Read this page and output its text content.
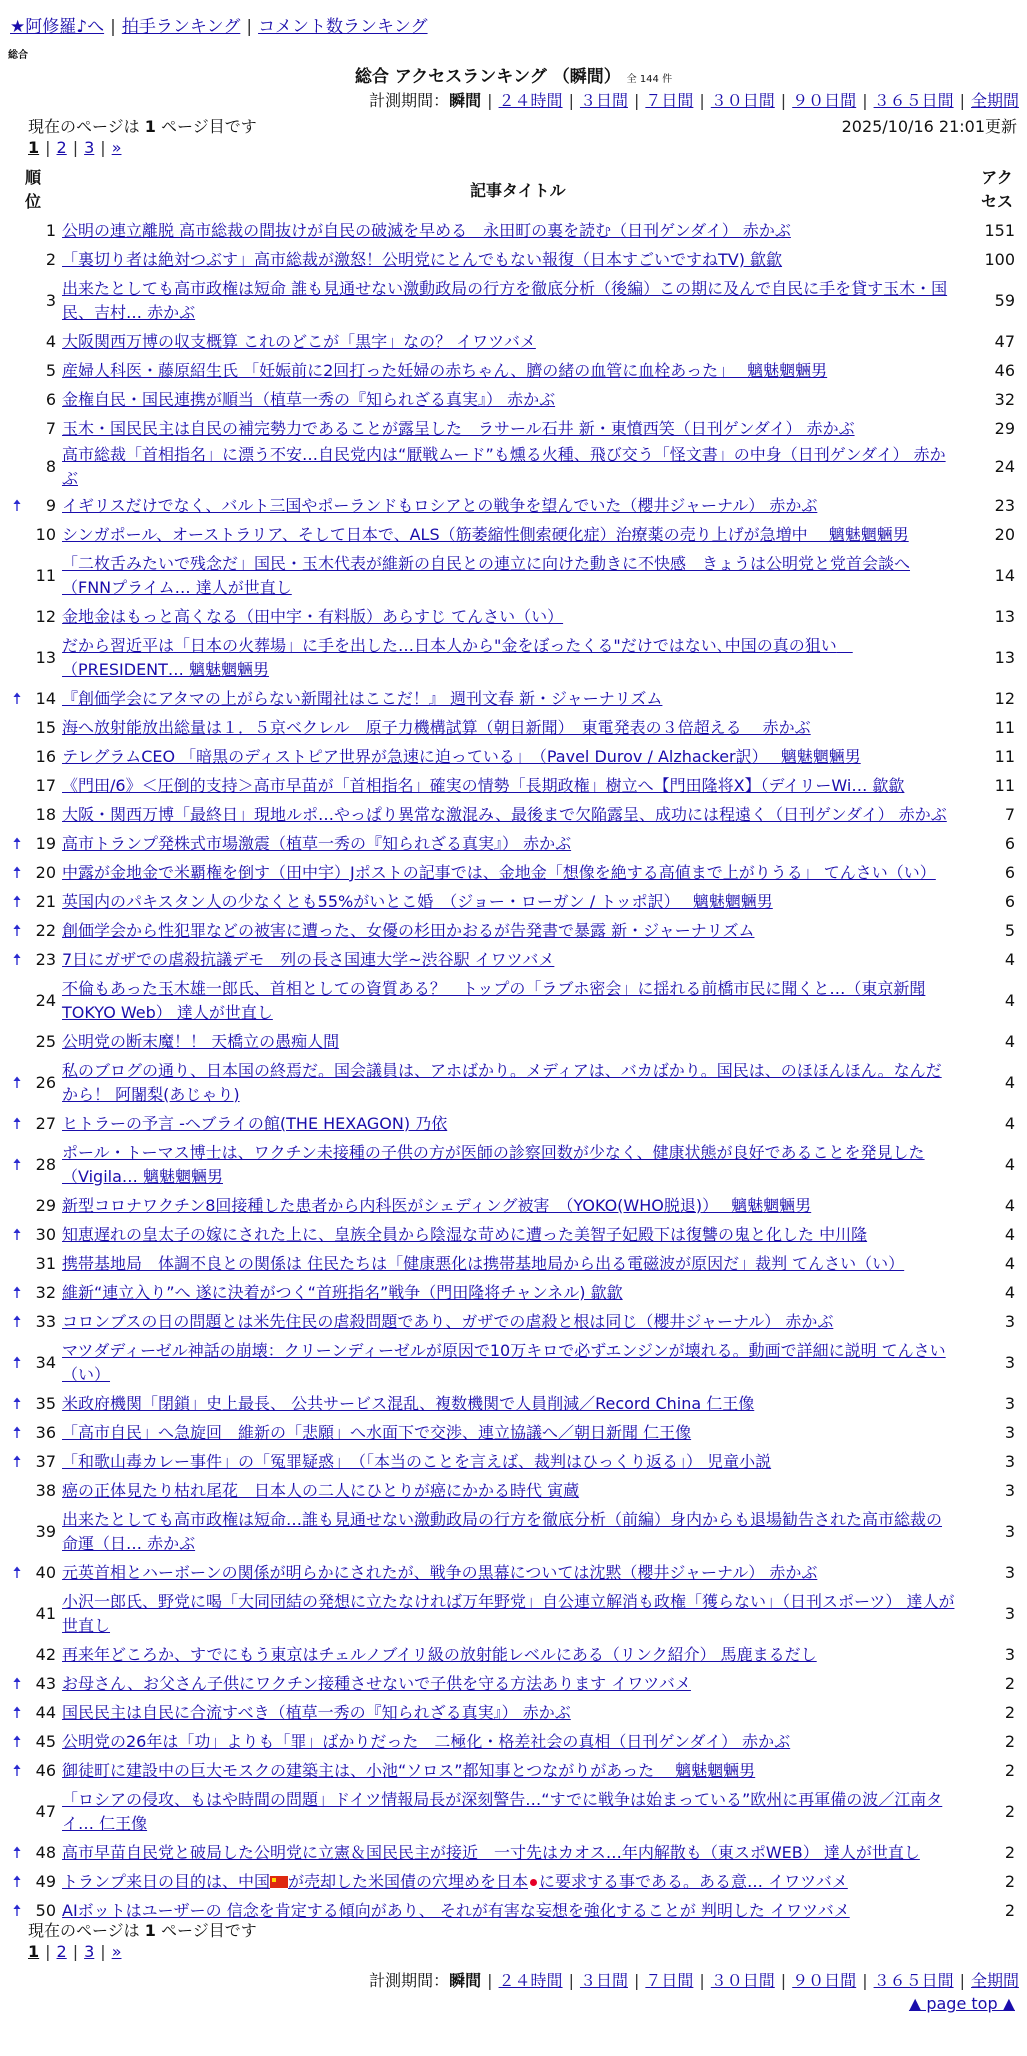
★阿修羅♪へ | 拍手ランキング | コメント数ランキング
総合
総合 アクセスランキング （瞬間） 全 144 件
計測期間：瞬間 | ２４時間 | ３日間 | ７日間 | ３０日間 | ９０日間 | ３６５日間 | 全期間
現在のページは 1 ページ目です	2025/10/16 21:01更新
1 | 2 | 3 | »
順位
記事タイトル
アクセス
	1	公明の連立離脱 高市総裁の間抜けが自民の破滅を早める　永田町の裏を読む（日刊ゲンダイ） 赤かぶ	151
	2	「裏切り者は絶対つぶす」高市総裁が激怒！公明党にとんでもない報復（日本すごいですねTV) 歙歙	100
	3	出来たとしても高市政権は短命 誰も見通せない激動政局の行方を徹底分析（後編）この期に及んで自民に手を貸す玉木・国民、吉村… 赤かぶ	59
	4	大阪関西万博の収支概算 これのどこが「黒字」なの？ イワツバメ	47
	5	産婦人科医・藤原紹生氏 「妊娠前に2回打った妊婦の赤ちゃん、臍の緒の血管に血栓あった」　 魑魅魍魎男	46
	6	金権自民・国民連携が順当（植草一秀の『知られざる真実』） 赤かぶ	32
	7	玉木・国民民主は自民の補完勢力であることが露呈した　ラサール石井 新・東憤西笑（日刊ゲンダイ） 赤かぶ	29
	8	高市総裁「首相指名」に漂う不安…自民党内は“厭戦ムード”も燻る火種、飛び交う「怪文書」の中身（日刊ゲンダイ） 赤かぶ	24
🠅	9	イギリスだけでなく、バルト三国やポーランドもロシアとの戦争を望んでいた（櫻井ジャーナル） 赤かぶ	23
	10	シンガポール、オーストラリア、そして日本で、ALS（筋萎縮性側索硬化症）治療薬の売り上げが急増中　 魑魅魍魎男	20
	11	「二枚舌みたいで残念だ」国民・玉木代表が維新の自民との連立に向けた動きに不快感　きょうは公明党と党首会談へ（FNNプライム… 達人が世直し	14
	12	金地金はもっと高くなる（田中宇・有料版）あらすじ てんさい（い）	13
	13	だから習近平は「日本の火葬場」に手を出した…日本人から"金をぼったくる"だけではない､中国の真の狙い　（PRESIDENT… 魑魅魍魎男	13
🠅	14	『創価学会にアタマの上がらない新聞社はここだ！』 週刊文春 新・ジャーナリズム	12
	15	海へ放射能放出総量は１．５京ベクレル　原子力機構試算（朝日新聞）　東電発表の３倍超える　 赤かぶ	11
	16	テレグラムCEO 「暗黒のディストピア世界が急速に迫っている」　（Pavel Durov / Alzhacker訳）　 魑魅魍魎男	11
	17	《門田/6》＜圧倒的支持＞高市早苗が「首相指名」確実の情勢「長期政権」樹立へ【門田隆将X】（デイリーWi… 歙歙	11
	18	大阪・関西万博「最終日」現地ルポ…やっぱり異常な激混み、最後まで欠陥露呈、成功には程遠く（日刊ゲンダイ） 赤かぶ	7
🠅	19	高市トランプ発株式市場激震（植草一秀の『知られざる真実』） 赤かぶ	6
🠅	20	中露が金地金で米覇権を倒す（田中宇）Jポストの記事では、金地金「想像を絶する高値まで上がりうる」 てんさい（い）	6
🠅	21	英国内のパキスタン人の少なくとも55%がいとこ婚　（ジョー・ローガン / トッポ訳）　 魑魅魍魎男	6
🠅	22	創価学会から性犯罪などの被害に遭った、女優の杉田かおるが告発書で暴露 新・ジャーナリズム	5
🠅	23	7日にガザでの虐殺抗議デモ　列の長さ国連大学~渋谷駅 イワツバメ	4
	24	不倫もあった玉木雄一郎氏、首相としての資質ある？　トップの「ラブホ密会」に揺れる前橋市民に聞くと…（東京新聞TOKYO Web） 達人が世直し	4
	25	公明党の断末魔！！ 天橋立の愚痴人間	4
🠅	26	私のブログの通り、日本国の終焉だ。国会議員は、アホばかり。メディアは、バカばかり。国民は、のほほんほん。なんだから！ 阿闍梨(あじゃり)	4
🠅	27	ヒトラーの予言 -ヘブライの館(THE HEXAGON) 乃依	4
🠅	28	ポール・トーマス博士は、ワクチン未接種の子供の方が医師の診察回数が少なく、健康状態が良好であることを発見した（Vigila… 魑魅魍魎男	4
	29	新型コロナワクチン8回接種した患者から内科医がシェディング被害　（YOKO(WHO脱退)）　 魑魅魍魎男	4
🠅	30	知恵遅れの皇太子の嫁にされた上に、皇族全員から陰湿な苛めに遭った美智子妃殿下は復讐の鬼と化した 中川隆	4
	31	携帯基地局　体調不良との関係は 住民たちは「健康悪化は携帯基地局から出る電磁波が原因だ」裁判 てんさい（い）	4
🠅	32	維新“連立入り”へ 遂に決着がつく“首班指名”戦争（門田隆将チャンネル) 歙歙	4
🠅	33	コロンブスの日の問題とは米先住民の虐殺問題であり、ガザでの虐殺と根は同じ（櫻井ジャーナル） 赤かぶ	3
🠅	34	マツダディーゼル神話の崩壊：クリーンディーゼルが原因で10万キロで必ずエンジンが壊れる。動画で詳細に説明 てんさい（い）	3
🠅	35	米政府機関「閉鎖」史上最長、 公共サービス混乱、複数機関で人員削減／Record China 仁王像	3
🠅	36	「高市自民」へ急旋回　維新の「悲願」へ水面下で交渉、連立協議へ／朝日新聞 仁王像	3
🠅	37	「和歌山毒カレー事件」の「冤罪疑惑」　（「本当のことを言えば、裁判はひっくり返る」） 児童小説	3
	38	癌の正体見たり枯れ尾花　日本人の二人にひとりが癌にかかる時代 寅蔵	3
	39	出来たとしても高市政権は短命…誰も見通せない激動政局の行方を徹底分析（前編）身内からも退場勧告された高市総裁の命運（日… 赤かぶ	3
🠅	40	元英首相とハーボーンの関係が明らかにされたが、戦争の黒幕については沈黙（櫻井ジャーナル） 赤かぶ	3
	41	小沢一郎氏、野党に喝「大同団結の発想に立たなければ万年野党」自公連立解消も政権「獲らない」（日刊スポーツ） 達人が世直し	3
	42	再来年どころか、すでにもう東京はチェルノブイリ級の放射能レベルにある（リンク紹介） 馬鹿まるだし	3
🠅	43	お母さん、お父さん子供にワクチン接種させないで子供を守る方法あります イワツバメ	2
🠅	44	国民民主は自民に合流すべき（植草一秀の『知られざる真実』） 赤かぶ	2
🠅	45	公明党の26年は「功」よりも「罪」ばかりだった　二極化・格差社会の真相（日刊ゲンダイ） 赤かぶ	2
🠅	46	御徒町に建設中の巨大モスクの建築主は、小池“ソロス”都知事とつながりがあった　 魑魅魍魎男	2
	47	「ロシアの侵攻、もはや時間の問題」ドイツ情報局長が深刻警告…“すでに戦争は始まっている”欧州に再軍備の波／江南タイ… 仁王像	2
🠅	48	高市早苗自民党と破局した公明党に立憲＆国民民主が接近　一寸先はカオス…年内解散も（東スポWEB） 達人が世直し	2
🠅	49	トランプ来日の目的は、中国 が売却した米国債の穴埋めを日本 に要求する事である。ある意… イワツバメ	2
🠅	50	AIボットはユーザーの 信念を肯定する傾向があり、 それが有害な妄想を強化することが 判明した イワツバメ	2
現在のページは 1 ページ目です
1 | 2 | 3 | »
計測期間：瞬間 | ２４時間 | ３日間 | ７日間 | ３０日間 | ９０日間 | ３６５日間 | 全期間
▲ page top ▲
